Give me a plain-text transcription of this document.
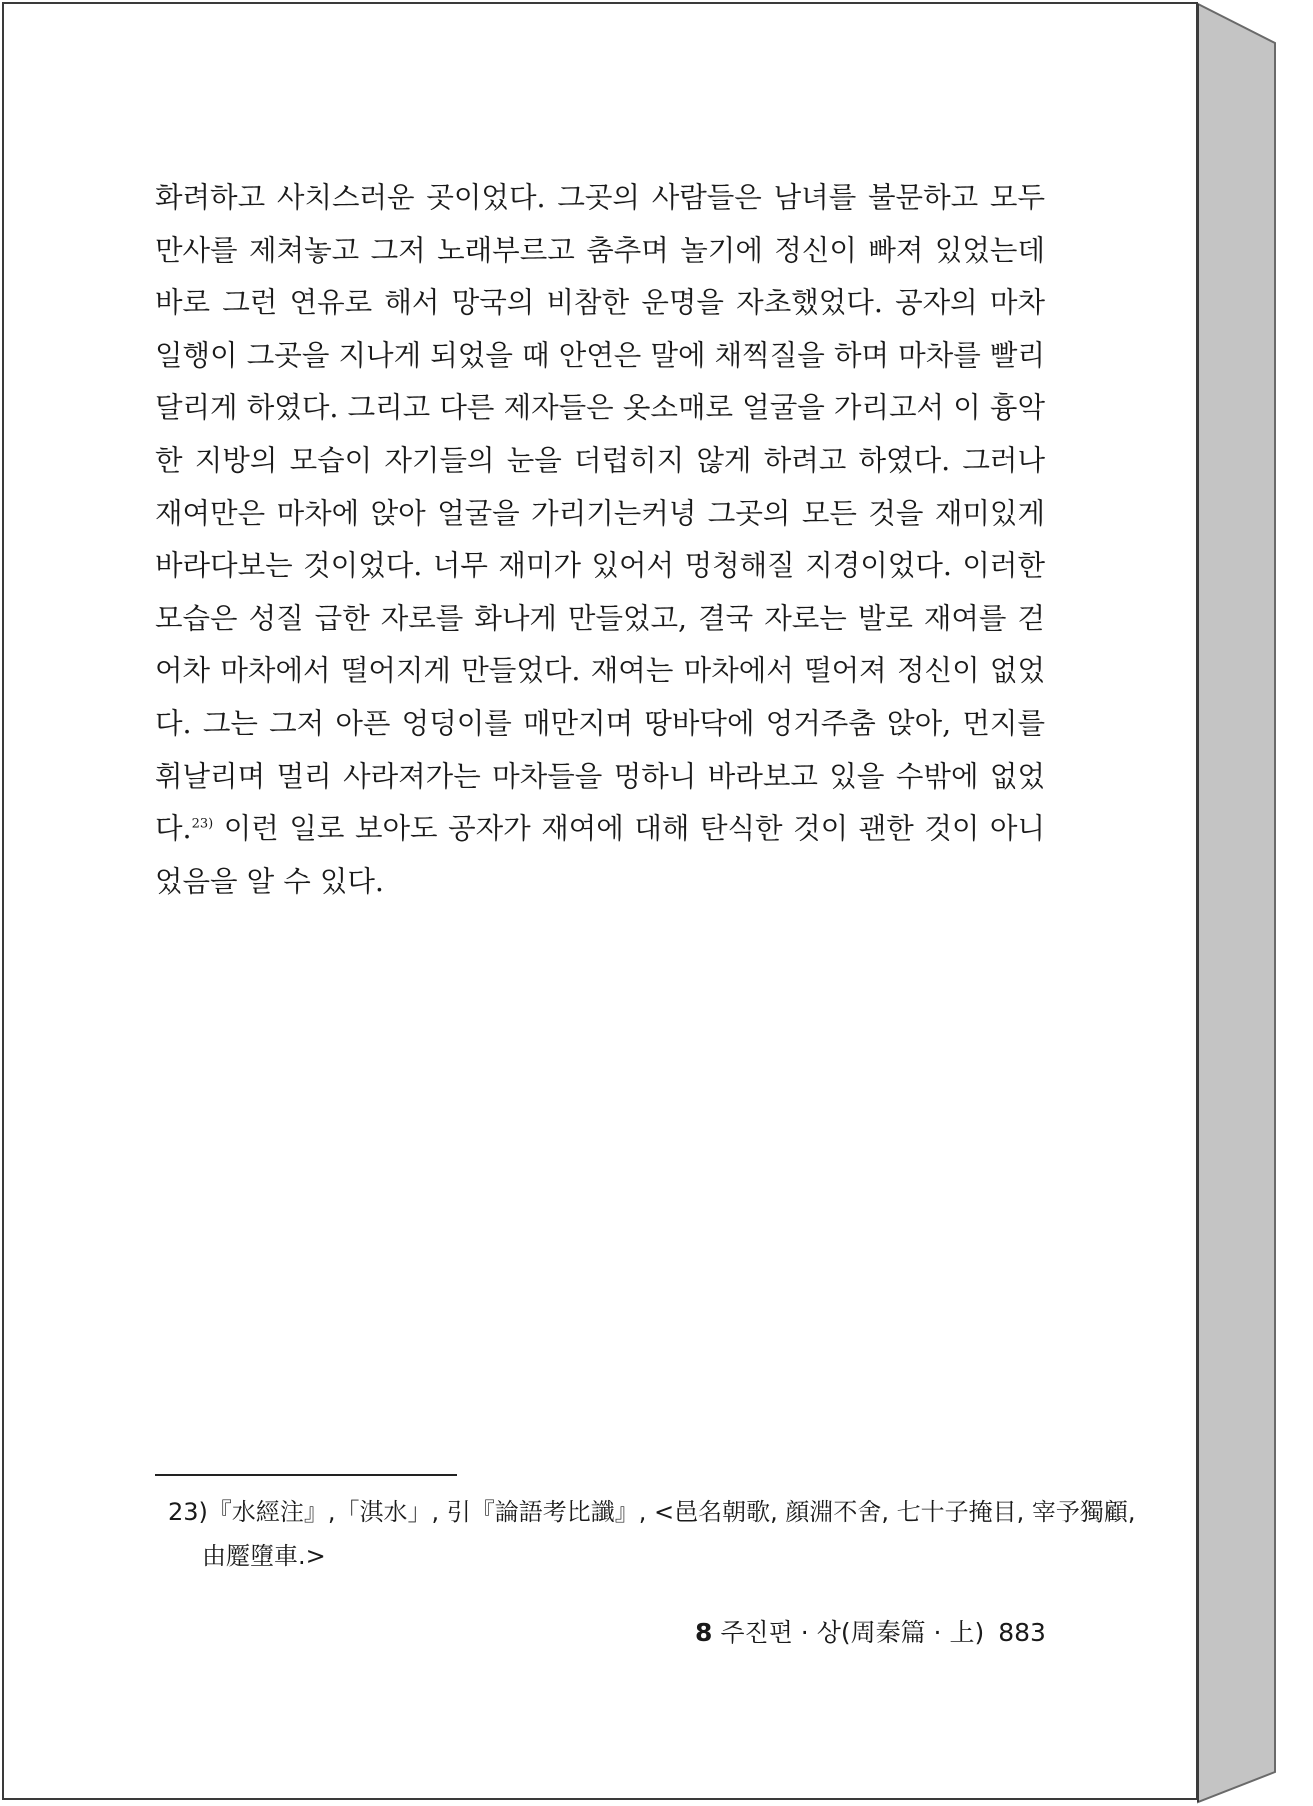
화려하고 사치스러운 곳이었다. 그곳의 사람들은 남녀를 불문하고 모두
만사를 제쳐놓고 그저 노래부르고 춤추며 놀기에 정신이 빠져 있었는데
바로 그런 연유로 해서 망국의 비참한 운명을 자초했었다. 공자의 마차
일행이 그곳을 지나게 되었을 때 안연은 말에 채찍질을 하며 마차를 빨리
달리게 하였다. 그리고 다른 제자들은 옷소매로 얼굴을 가리고서 이 흉악
한 지방의 모습이 자기들의 눈을 더럽히지 않게 하려고 하였다. 그러나
재여만은 마차에 앉아 얼굴을 가리기는커녕 그곳의 모든 것을 재미있게
바라다보는 것이었다. 너무 재미가 있어서 멍청해질 지경이었다. 이러한
모습은 성질 급한 자로를 화나게 만들었고, 결국 자로는 발로 재여를 걷
어차 마차에서 떨어지게 만들었다. 재여는 마차에서 떨어져 정신이 없었
다. 그는 그저 아픈 엉덩이를 매만지며 땅바닥에 엉거주춤 앉아, 먼지를
휘날리며 멀리 사라져가는 마차들을 멍하니 바라보고 있을 수밖에 없었
다.$^{23)}$ 이런 일로 보아도 공자가 재여에 대해 탄식한 것이 괜한 것이 아니
었음을 알 수 있다.
23)『水經注』,「淇水」, 引『論語考比讖』, <邑名朝歌, 顔淵不舍, 七十子掩目, 宰予獨顧,
由蹷墮車.>
8 주진편 · 상(周秦篇 · 上) 883
